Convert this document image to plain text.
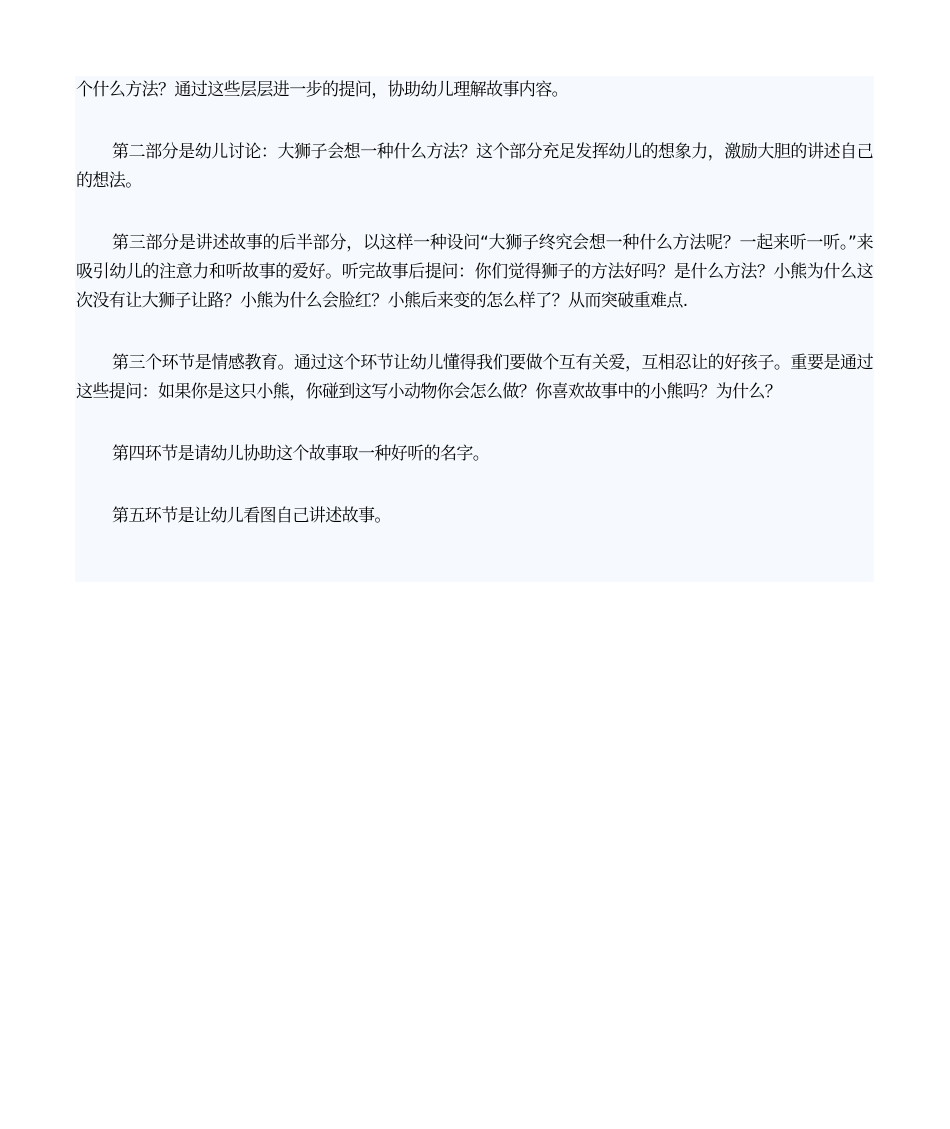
个什么方法？通过这些层层进一步的提问，协助幼儿理解故事内容。

第二部分是幼儿讨论：大狮子会想一种什么方法？这个部分充足发挥幼儿的想象力，激励大胆的讲述自己的想法。

第三部分是讲述故事的后半部分，以这样一种设问“大狮子终究会想一种什么方法呢？一起来听一听。”来吸引幼儿的注意力和听故事的爱好。听完故事后提问：你们觉得狮子的方法好吗？是什么方法？小熊为什么这次没有让大狮子让路？小熊为什么会脸红？小熊后来变的怎么样了？从而突破重难点.

第三个环节是情感教育。通过这个环节让幼儿懂得我们要做个互有关爱，互相忍让的好孩子。重要是通过这些提问：如果你是这只小熊，你碰到这写小动物你会怎么做？你喜欢故事中的小熊吗？为什么？

第四环节是请幼儿协助这个故事取一种好听的名字。

第五环节是让幼儿看图自己讲述故事。
